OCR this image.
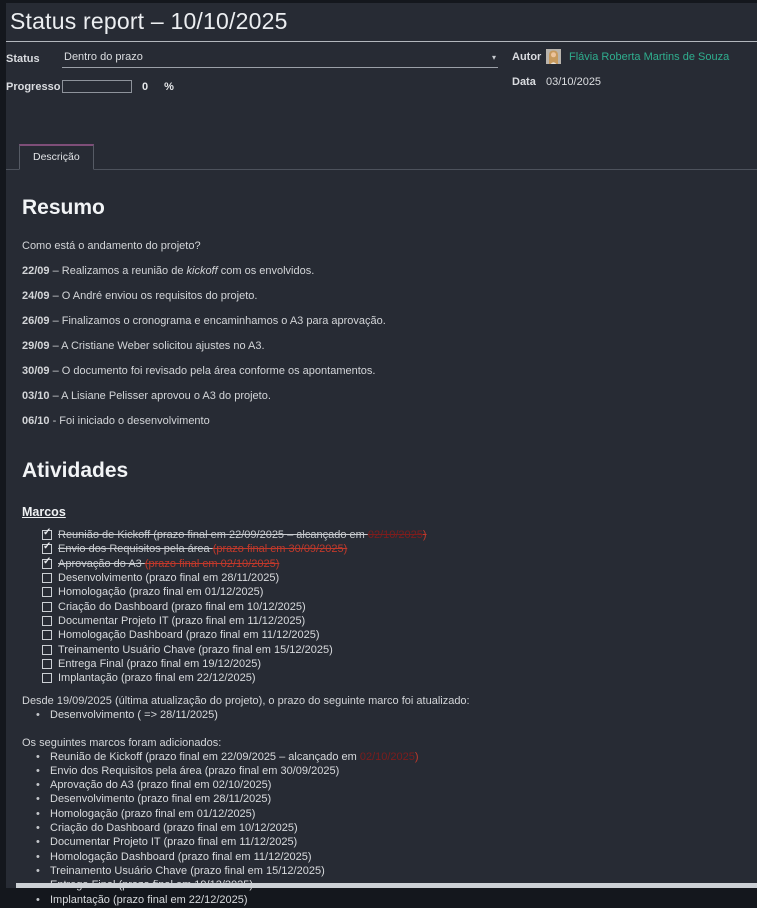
Status report – 10/10/2025
Status	Dentro do prazo	▾
Progresso	0 %
Autor	Flávia Roberta Martins de Souza
Data 03/10/2025
Descrição
Resumo

Como está o andamento do projeto?

22/09 – Realizamos a reunião de kickoff com os envolvidos.

24/09 – O André enviou os requisitos do projeto.

26/09 – Finalizamos o cronograma e encaminhamos o A3 para aprovação.

29/09 – A Cristiane Weber solicitou ajustes no A3.

30/09 – O documento foi revisado pela área conforme os apontamentos.

03/10 – A Lisiane Pelisser aprovou o A3 do projeto.

06/10 - Foi iniciado o desenvolvimento

Atividades
Marcos
✓
Reunião de Kickoff (prazo final em 22/09/2025 – alcançado em 02/10/2025)
✓
Envio dos Requisitos pela área (prazo final em 30/09/2025)
✓
Aprovação do A3 (prazo final em 02/10/2025)
Desenvolvimento (prazo final em 28/11/2025)
Homologação (prazo final em 01/12/2025)
Criação do Dashboard (prazo final em 10/12/2025)
Documentar Projeto IT (prazo final em 11/12/2025)
Homologação Dashboard (prazo final em 11/12/2025)
Treinamento Usuário Chave (prazo final em 15/12/2025)
Entrega Final (prazo final em 19/12/2025)
Implantação (prazo final em 22/12/2025)

Desde 19/09/2025 (última atualização do projeto), o prazo do seguinte marco foi atualizado:

• Desenvolvimento ( => 28/11/2025)

Os seguintes marcos foram adicionados:

• Reunião de Kickoff (prazo final em 22/09/2025 – alcançado em 02/10/2025)
• Envio dos Requisitos pela área (prazo final em 30/09/2025)
• Aprovação do A3 (prazo final em 02/10/2025)
• Desenvolvimento (prazo final em 28/11/2025)
• Homologação (prazo final em 01/12/2025)
• Criação do Dashboard (prazo final em 10/12/2025)
• Documentar Projeto IT (prazo final em 11/12/2025)
• Homologação Dashboard (prazo final em 11/12/2025)
• Treinamento Usuário Chave (prazo final em 15/12/2025)
•
• Implantação (prazo final em 22/12/2025)
